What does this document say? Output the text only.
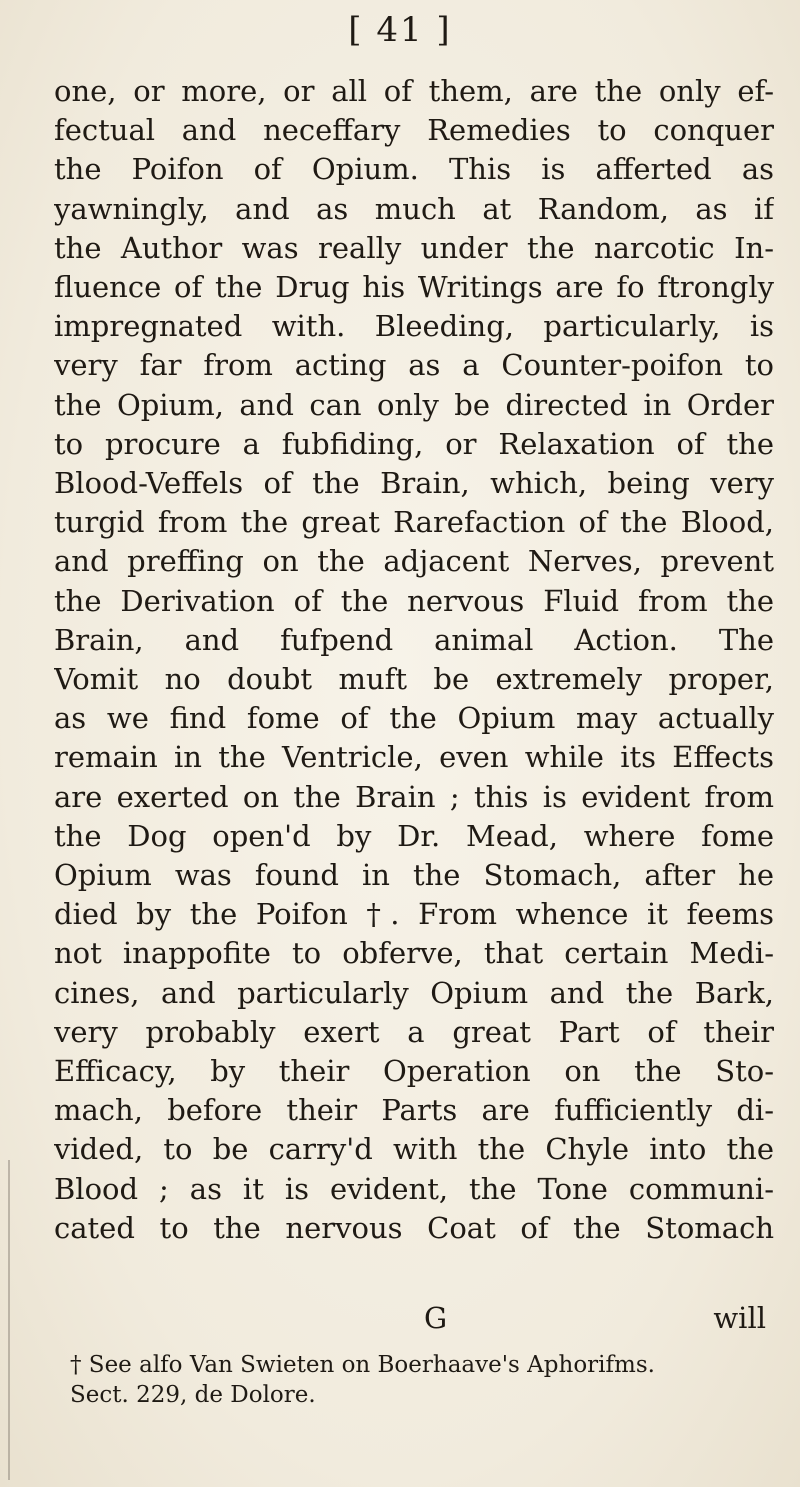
[ 41 ]
one, or more, or all of them, are the only ef-
fectual and neceffary Remedies to conquer
the Poifon of Opium. This is afferted as
yawningly, and as much at Random, as if
the Author was really under the narcotic In-
fluence of the Drug his Writings are fo ftrongly
impregnated with. Bleeding, particularly, is
very far from acting as a Counter-poifon to
the Opium, and can only be directed in Order
to procure a fubfiding, or Relaxation of the
Blood-Veffels of the Brain, which, being very
turgid from the great Rarefaction of the Blood,
and preffing on the adjacent Nerves, prevent
the Derivation of the nervous Fluid from the
Brain, and fufpend animal Action. The
Vomit no doubt muft be extremely proper,
as we find fome of the Opium may actually
remain in the Ventricle, even while its Effects
are exerted on the Brain ; this is evident from
the Dog open'd by Dr. Mead, where fome
Opium was found in the Stomach, after he
died by the Poifon †. From whence it feems
not inappofite to obferve, that certain Medi-
cines, and particularly Opium and the Bark,
very probably exert a great Part of their
Efficacy, by their Operation on the Sto-
mach, before their Parts are fufficiently di-
vided, to be carry'd with the Chyle into the
Blood ; as it is evident, the Tone communi-
cated to the nervous Coat of the Stomach
G	will
† See alfo Van Swieten on Boerhaave's Aphorifms.
Sect. 229, de Dolore.
